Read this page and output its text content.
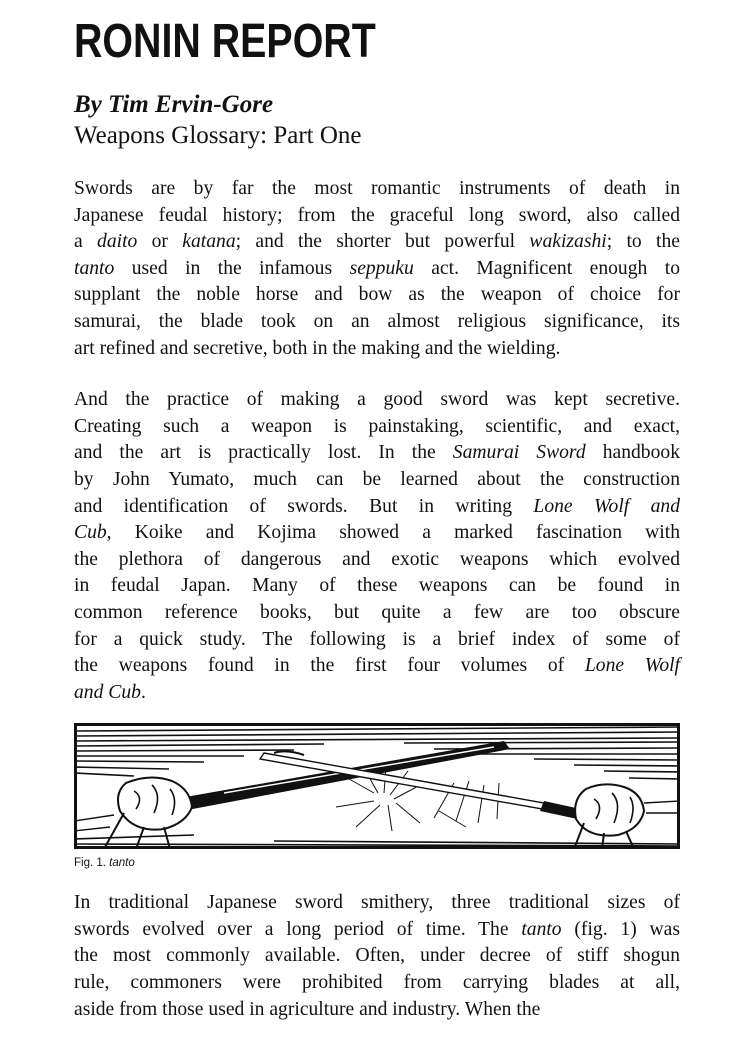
RONIN REPORT
By Tim Ervin-Gore
Weapons Glossary: Part One
Swords are by far the most romantic instruments of death in
Japanese feudal history; from the graceful long sword, also called
a daito or katana; and the shorter but powerful wakizashi; to the
tanto used in the infamous seppuku act. Magnificent enough to
supplant the noble horse and bow as the weapon of choice for
samurai, the blade took on an almost religious significance, its
art refined and secretive, both in the making and the wielding.
And the practice of making a good sword was kept secretive.
Creating such a weapon is painstaking, scientific, and exact,
and the art is practically lost. In the Samurai Sword handbook
by John Yumato, much can be learned about the construction
and identification of swords. But in writing Lone Wolf and
Cub, Koike and Kojima showed a marked fascination with
the plethora of dangerous and exotic weapons which evolved
in feudal Japan. Many of these weapons can be found in
common reference books, but quite a few are too obscure
for a quick study. The following is a brief index of some of
the weapons found in the first four volumes of Lone Wolf
and Cub.
Fig. 1. tanto
In traditional Japanese sword smithery, three traditional sizes of
swords evolved over a long period of time. The tanto (fig. 1) was
the most commonly available. Often, under decree of stiff shogun
rule, commoners were prohibited from carrying blades at all,
aside from those used in agriculture and industry. When the
